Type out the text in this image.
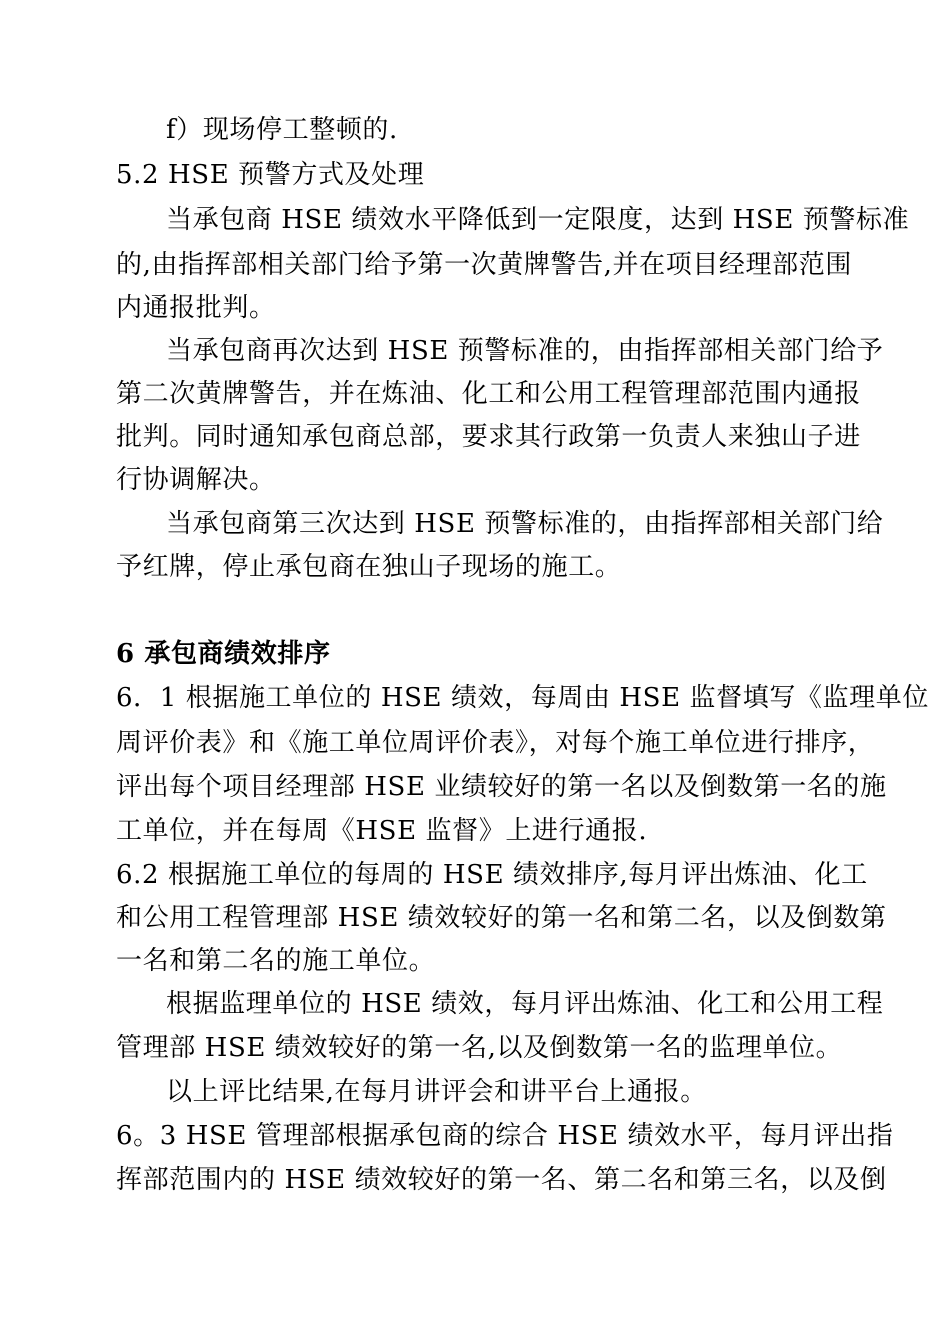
f）现场停工整顿的.
5.2 HSE 预警方式及处理
当承包商 HSE 绩效水平降低到一定限度，达到 HSE 预警标准
的,由指挥部相关部门给予第一次黄牌警告,并在项目经理部范围
内通报批判。
当承包商再次达到 HSE 预警标准的，由指挥部相关部门给予
第二次黄牌警告，并在炼油、化工和公用工程管理部范围内通报
批判。同时通知承包商总部，要求其行政第一负责人来独山子进
行协调解决。
当承包商第三次达到 HSE 预警标准的，由指挥部相关部门给
予红牌，停止承包商在独山子现场的施工。
6 承包商绩效排序
6．1 根据施工单位的 HSE 绩效，每周由 HSE 监督填写《监理单位
周评价表》和《施工单位周评价表》，对每个施工单位进行排序，
评出每个项目经理部 HSE 业绩较好的第一名以及倒数第一名的施
工单位，并在每周《HSE 监督》上进行通报.
6.2 根据施工单位的每周的 HSE 绩效排序,每月评出炼油、化工
和公用工程管理部 HSE 绩效较好的第一名和第二名，以及倒数第
一名和第二名的施工单位。
根据监理单位的 HSE 绩效，每月评出炼油、化工和公用工程
管理部 HSE 绩效较好的第一名,以及倒数第一名的监理单位。
以上评比结果,在每月讲评会和讲平台上通报。
6。3 HSE 管理部根据承包商的综合 HSE 绩效水平，每月评出指
挥部范围内的 HSE 绩效较好的第一名、第二名和第三名，以及倒
